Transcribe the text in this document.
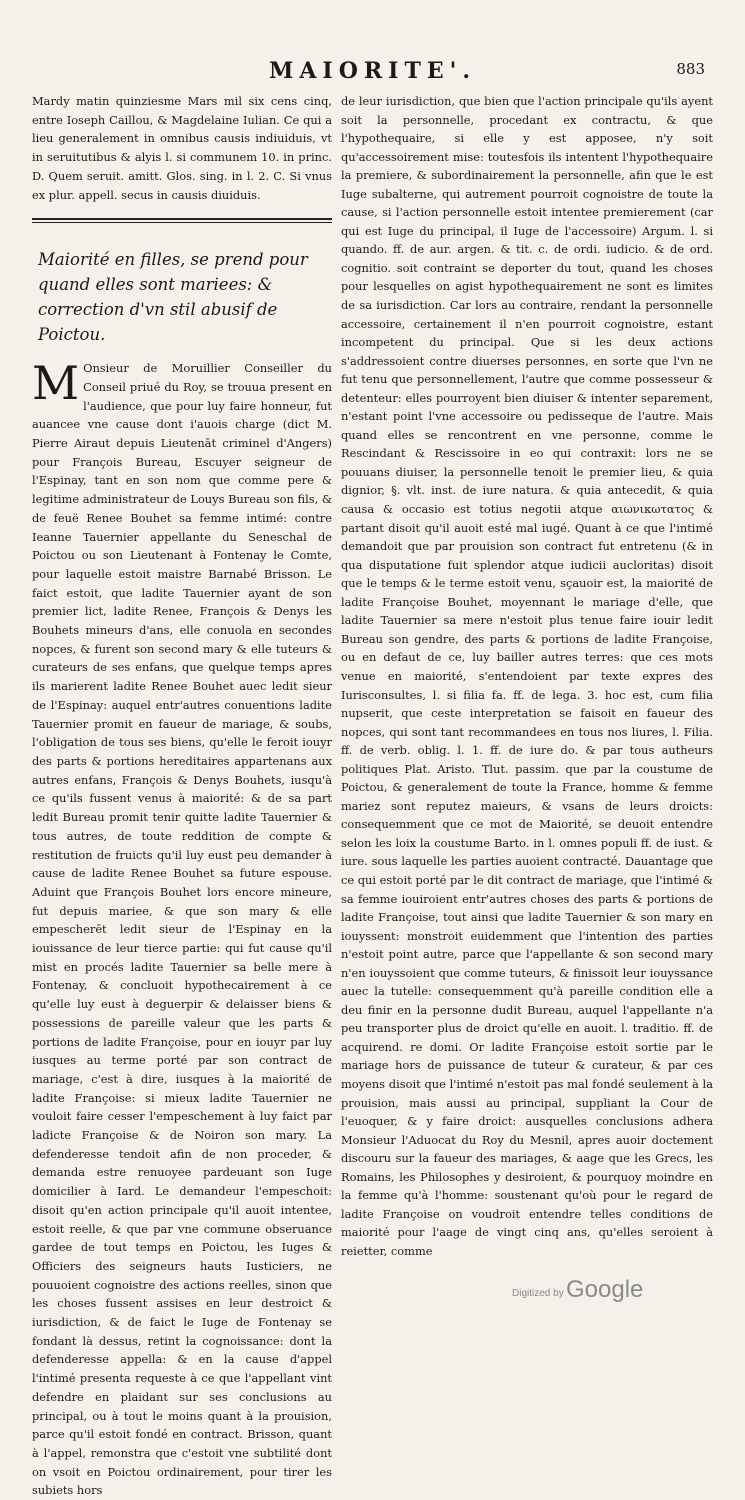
MAIORITE'.	883

Mardy matin quinziesme Mars mil six cens cinq, entre Ioseph Caillou, & Magdelaine Iulian. Ce qui a lieu generalement in omnibus causis indiuiduis, vt in seruitutibus & alyis l. si communem 10. in princ. D. Quem seruit. amitt. Glos. sing. in l. 2. C. Si vnus ex plur. appell. secus in causis diuiduis.

Maiorité en filles, se prend pour quand elles sont mariees: & correction d'vn stil abusif de Poictou.
M Onsieur de Moruillier Conseiller du Conseil priué du Roy, se trouua present en l'audience, que pour luy faire honneur, fut auancee vne cause dont i'auois charge (dict M. Pierre Airaut depuis Lieutenāt criminel d'Angers) pour François Bureau, Escuyer seigneur de l'Espinay, tant en son nom que comme pere & legitime administrateur de Louys Bureau son fils, & de feuë Renee Bouhet sa femme intimé: contre Ieanne Tauernier appellante du Seneschal de Poictou ou son Lieutenant à Fontenay le Comte, pour laquelle estoit maistre Barnabé Brisson. Le faict estoit, que ladite Tauernier ayant de son premier lict, ladite Renee, François & Denys les Bouhets mineurs d'ans, elle conuola en secondes nopces, & furent son second mary & elle tuteurs & curateurs de ses enfans, que quelque temps apres ils marierent ladite Renee Bouhet auec ledit sieur de l'Espinay: auquel entr'autres conuentions ladite Tauernier promit en faueur de mariage, & soubs, l'obligation de tous ses biens, qu'elle le feroit iouyr des parts & portions hereditaires appartenans aux autres enfans, François & Denys Bouhets, iusqu'à ce qu'ils fussent venus à maiorité: & de sa part ledit Bureau promit tenir quitte ladite Tauernier & tous autres, de toute reddition de compte & restitution de fruicts qu'il luy eust peu demander à cause de ladite Renee Bouhet sa future espouse. Aduint que François Bouhet lors encore mineure, fut depuis mariee, & que son mary & elle empescherēt ledit sieur de l'Espinay en la iouissance de leur tierce partie: qui fut cause qu'il mist en procés ladite Tauernier sa belle mere à Fontenay, & concluoit hypothecairement à ce qu'elle luy eust à deguerpir & delaisser biens & possessions de pareille valeur que les parts & portions de ladite Françoise, pour en iouyr par luy iusques au terme porté par son contract de mariage, c'est à dire, iusques à la maiorité de ladite Françoise: si mieux ladite Tauernier ne vouloit faire cesser l'empeschement à luy faict par ladicte Françoise & de Noiron son mary. La defenderesse tendoit afin de non proceder, & demanda estre renuoyee pardeuant son Iuge domicilier à Iard. Le demandeur l'empeschoit: disoit qu'en action principale qu'il auoit intentee, estoit reelle, & que par vne commune obseruance gardee de tout temps en Poictou, les Iuges & Officiers des seigneurs hauts Iusticiers, ne pouuoient cognoistre des actions reelles, sinon que les choses fussent assises en leur destroict & iurisdiction, & de faict le Iuge de Fontenay se fondant là dessus, retint la cognoissance: dont la defenderesse appella: & en la cause d'appel l'intimé presenta requeste à ce que l'appellant vint defendre en plaidant sur ses conclusions au principal, ou à tout le moins quant à la prouision, parce qu'il estoit fondé en contract. Brisson, quant à l'appel, remonstra que c'estoit vne subtilité dont on vsoit en Poictou ordinairement, pour tirer les subiets hors

de leur iurisdiction, que bien que l'action principale qu'ils ayent soit la personnelle, procedant ex contractu, & que l'hypothequaire, si elle y est apposee, n'y soit qu'accessoirement mise: toutesfois ils intentent l'hypothequaire la premiere, & subordinairement la personnelle, afin que le est Iuge subalterne, qui autrement pourroit cognoistre de toute la cause, si l'action personnelle estoit intentee premierement (car qui est Iuge du principal, il Iuge de l'accessoire) Argum. l. si quando. ff. de aur. argen. & tit. c. de ordi. iudicio. & de ord. cognitio. soit contraint se deporter du tout, quand les choses pour lesquelles on agist hypothequairement ne sont es limites de sa iurisdiction. Car lors au contraire, rendant la personnelle accessoire, certainement il n'en pourroit cognoistre, estant incompetent du principal. Que si les deux actions s'addressoient contre diuerses personnes, en sorte que l'vn ne fut tenu que personnellement, l'autre que comme possesseur & detenteur: elles pourroyent bien diuiser & intenter separement, n'estant point l'vne accessoire ou pedisseque de l'autre. Mais quand elles se rencontrent en vne personne, comme le Rescindant & Rescissoire in eo qui contraxit: lors ne se pouuans diuiser, la personnelle tenoit le premier lieu, & quia dignior, §. vlt. inst. de iure natura. & quia antecedit, & quia causa & occasio est totius negotii atque αιωνικωτατος & partant disoit qu'il auoit esté mal iugé. Quant à ce que l'intimé demandoit que par prouision son contract fut entretenu (& in qua disputatione fuit splendor atque iudicii aucloritas) disoit que le temps & le terme estoit venu, sçauoir est, la maiorité de ladite Françoise Bouhet, moyennant le mariage d'elle, que ladite Tauernier sa mere n'estoit plus tenue faire iouir ledit Bureau son gendre, des parts & portions de ladite Françoise, ou en defaut de ce, luy bailler autres terres: que ces mots venue en maiorité, s'entendoient par texte expres des Iurisconsultes, l. si filia fa. ff. de lega. 3. hoc est, cum filia nupserit, que ceste interpretation se faisoit en faueur des nopces, qui sont tant recommandees en tous nos liures, l. Filia. ff. de verb. oblig. l. 1. ff. de iure do. & par tous autheurs politiques Plat. Aristo. Tlut. passim. que par la coustume de Poictou, & generalement de toute la France, homme & femme mariez sont reputez maieurs, & vsans de leurs droicts: consequemment que ce mot de Maiorité, se deuoit entendre selon les loix la coustume Barto. in l. omnes populi ff. de iust. & iure. sous laquelle les parties auoient contracté. Dauantage que ce qui estoit porté par le dit contract de mariage, que l'intimé & sa femme iouiroient entr'autres choses des parts & portions de ladite Françoise, tout ainsi que ladite Tauernier & son mary en iouyssent: monstroit euidemment que l'intention des parties n'estoit point autre, parce que l'appellante & son second mary n'en iouyssoient que comme tuteurs, & finissoit leur iouyssance auec la tutelle: consequemment qu'à pareille condition elle a deu finir en la personne dudit Bureau, auquel l'appellante n'a peu transporter plus de droict qu'elle en auoit. l. traditio. ff. de acquirend. re domi. Or ladite Françoise estoit sortie par le mariage hors de puissance de tuteur & curateur, & par ces moyens disoit que l'intimé n'estoit pas mal fondé seulement à la prouision, mais aussi au principal, suppliant la Cour de l'euoquer, & y faire droict: ausquelles conclusions adhera Monsieur l'Aduocat du Roy du Mesnil, apres auoir doctement discouru sur la faueur des mariages, & aage que les Grecs, les Romains, les Philosophes y desiroient, & pourquoy moindre en la femme qu'à l'homme: soustenant qu'où pour le regard de ladite Françoise on voudroit entendre telles conditions de maiorité pour l'aage de vingt cinq ans, qu'elles seroient à reietter, comme

Digitized by Google
